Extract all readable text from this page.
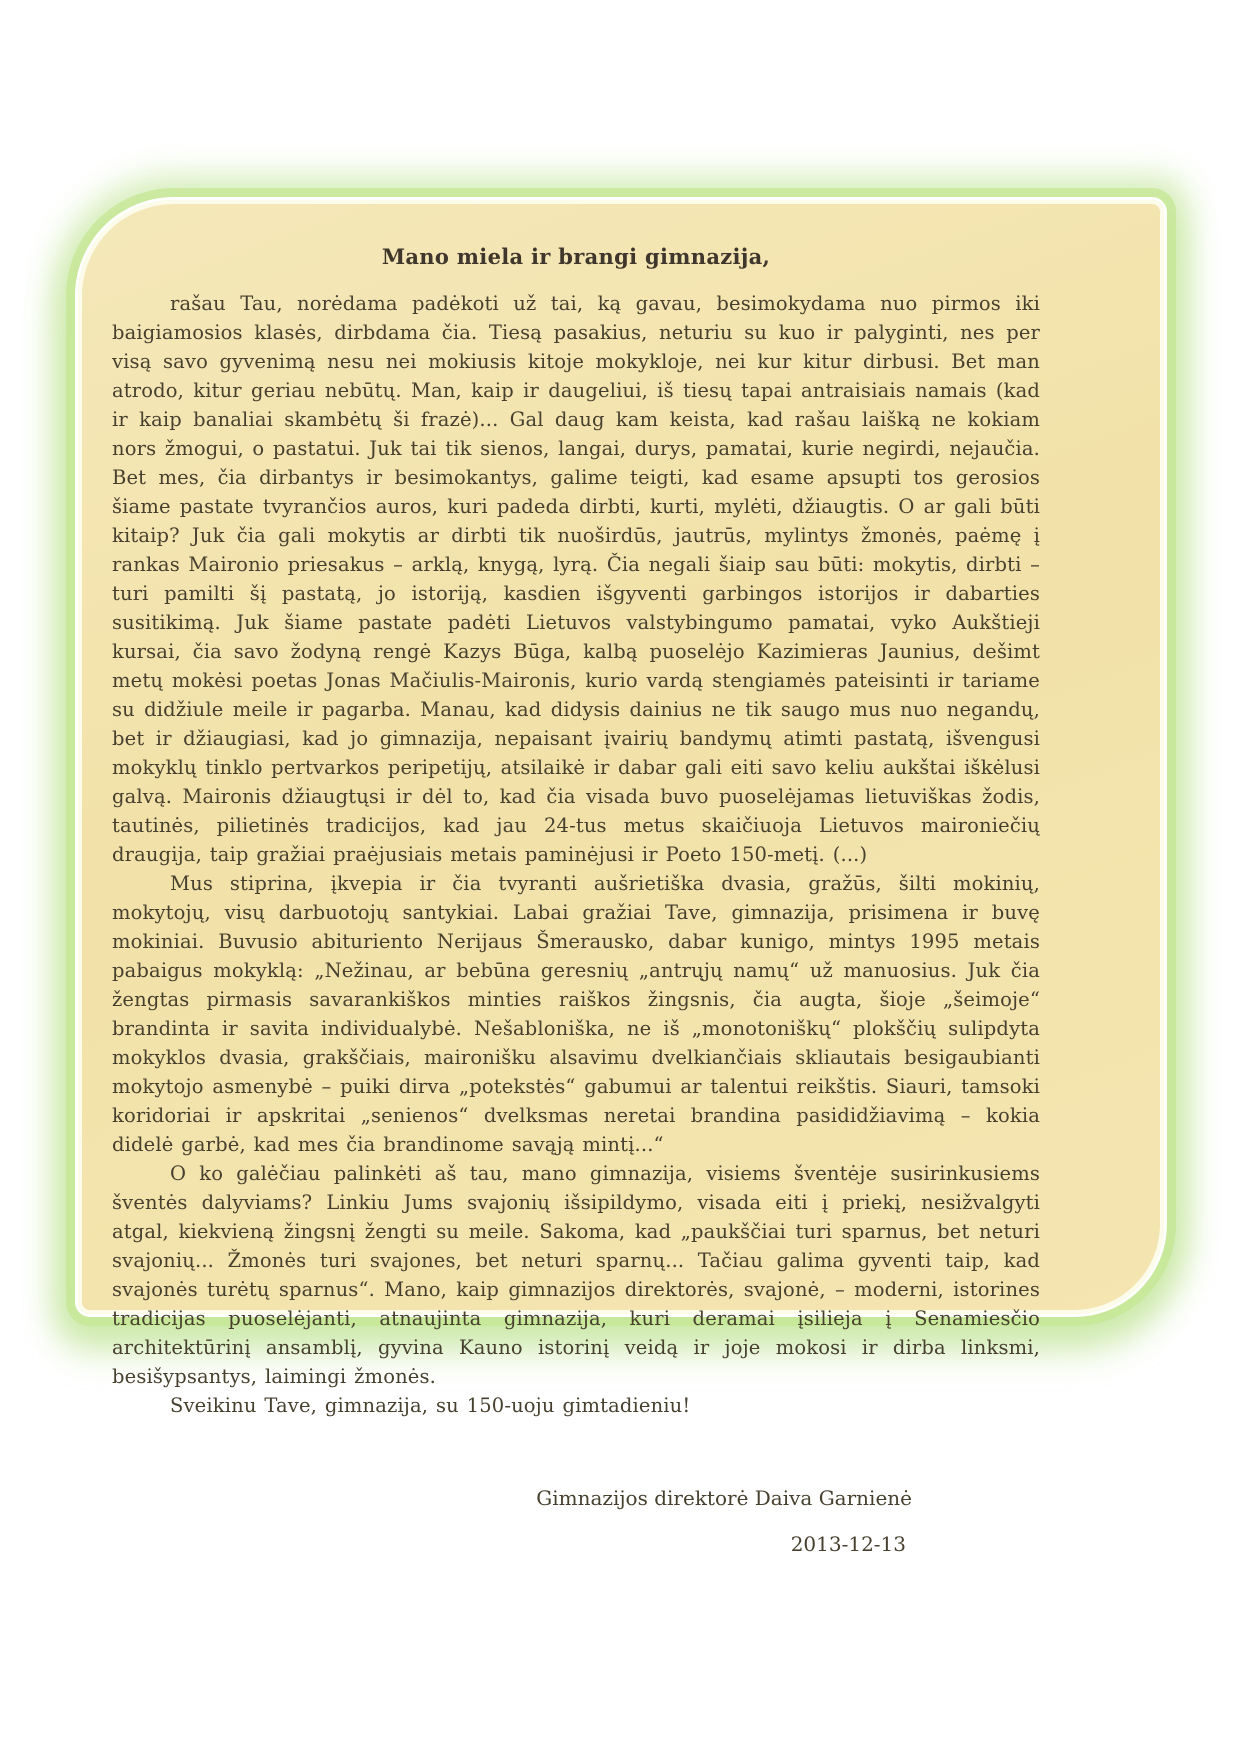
Mano miela ir brangi gimnazija,

rašau Tau, norėdama padėkoti už tai, ką gavau, besimokydama nuo pirmos iki baigiamosios klasės, dirbdama čia. Tiesą pasakius, neturiu su kuo ir palyginti, nes per visą savo gyvenimą nesu nei mokiusis kitoje mokykloje, nei kur kitur dirbusi. Bet man atrodo, kitur geriau nebūtų. Man, kaip ir daugeliui, iš tiesų tapai antraisiais namais (kad ir kaip banaliai skambėtų ši frazė)... Gal daug kam keista, kad rašau laišką ne kokiam nors žmogui, o pastatui. Juk tai tik sienos, langai, durys, pamatai, kurie negirdi, nejaučia. Bet mes, čia dirbantys ir besimokantys, galime teigti, kad esame apsupti tos gerosios šiame pastate tvyrančios auros, kuri padeda dirbti, kurti, mylėti, džiaugtis. O ar gali būti kitaip? Juk čia gali mokytis ar dirbti tik nuoširdūs, jautrūs, mylintys žmonės, paėmę į rankas Maironio priesakus – arklą, knygą, lyrą. Čia negali šiaip sau būti: mokytis, dirbti – turi pamilti šį pastatą, jo istoriją, kasdien išgyventi garbingos istorijos ir dabarties susitikimą. Juk šiame pastate padėti Lietuvos valstybingumo pamatai, vyko Aukštieji kursai, čia savo žodyną rengė Kazys Būga, kalbą puoselėjo Kazimieras Jaunius, dešimt metų mokėsi poetas Jonas Mačiulis-Maironis, kurio vardą stengiamės pateisinti ir tariame su didžiule meile ir pagarba. Manau, kad didysis dainius ne tik saugo mus nuo negandų, bet ir džiaugiasi, kad jo gimnazija, nepaisant įvairių bandymų atimti pastatą, išvengusi mokyklų tinklo pertvarkos peripetijų, atsilaikė ir dabar gali eiti savo keliu aukštai iškėlusi galvą. Maironis džiaugtųsi ir dėl to, kad čia visada buvo puoselėjamas lietuviškas žodis, tautinės, pilietinės tradicijos, kad jau 24-tus metus skaičiuoja Lietuvos maironiečių draugija, taip gražiai praėjusiais metais paminėjusi ir Poeto 150-metį. (...)

Mus stiprina, įkvepia ir čia tvyranti aušrietiška dvasia, gražūs, šilti mokinių, mokytojų, visų darbuotojų santykiai. Labai gražiai Tave, gimnazija, prisimena ir buvę mokiniai. Buvusio abituriento Nerijaus Šmerausko, dabar kunigo, mintys 1995 metais pabaigus mokyklą: „Nežinau, ar bebūna geresnių „antrųjų namų“ už manuosius. Juk čia žengtas pirmasis savarankiškos minties raiškos žingsnis, čia augta, šioje „šeimoje“ brandinta ir savita individualybė. Nešabloniška, ne iš „monotoniškų“ plokščių sulipdyta mokyklos dvasia, grakščiais, maironišku alsavimu dvelkiančiais skliautais besigaubianti mokytojo asmenybė – puiki dirva „potekstės“ gabumui ar talentui reikštis. Siauri, tamsoki koridoriai ir apskritai „senienos“ dvelksmas neretai brandina pasididžiavimą – kokia didelė garbė, kad mes čia brandinome savąją mintį...“

O ko galėčiau palinkėti aš tau, mano gimnazija, visiems šventėje susirinkusiems šventės dalyviams? Linkiu Jums svajonių išsipildymo, visada eiti į priekį, nesižvalgyti atgal, kiekvieną žingsnį žengti su meile. Sakoma, kad „paukščiai turi sparnus, bet neturi svajonių... Žmonės turi svajones, bet neturi sparnų... Tačiau galima gyventi taip, kad svajonės turėtų sparnus“. Mano, kaip gimnazijos direktorės, svajonė, – moderni, istorines tradicijas puoselėjanti, atnaujinta gimnazija, kuri deramai įsilieja į Senamiesčio architektūrinį ansamblį, gyvina Kauno istorinį veidą ir joje mokosi ir dirba linksmi, besišypsantys, laimingi žmonės.

Sveikinu Tave, gimnazija, su 150-uoju gimtadieniu!

Gimnazijos direktorė Daiva Garnienė
2013-12-13
